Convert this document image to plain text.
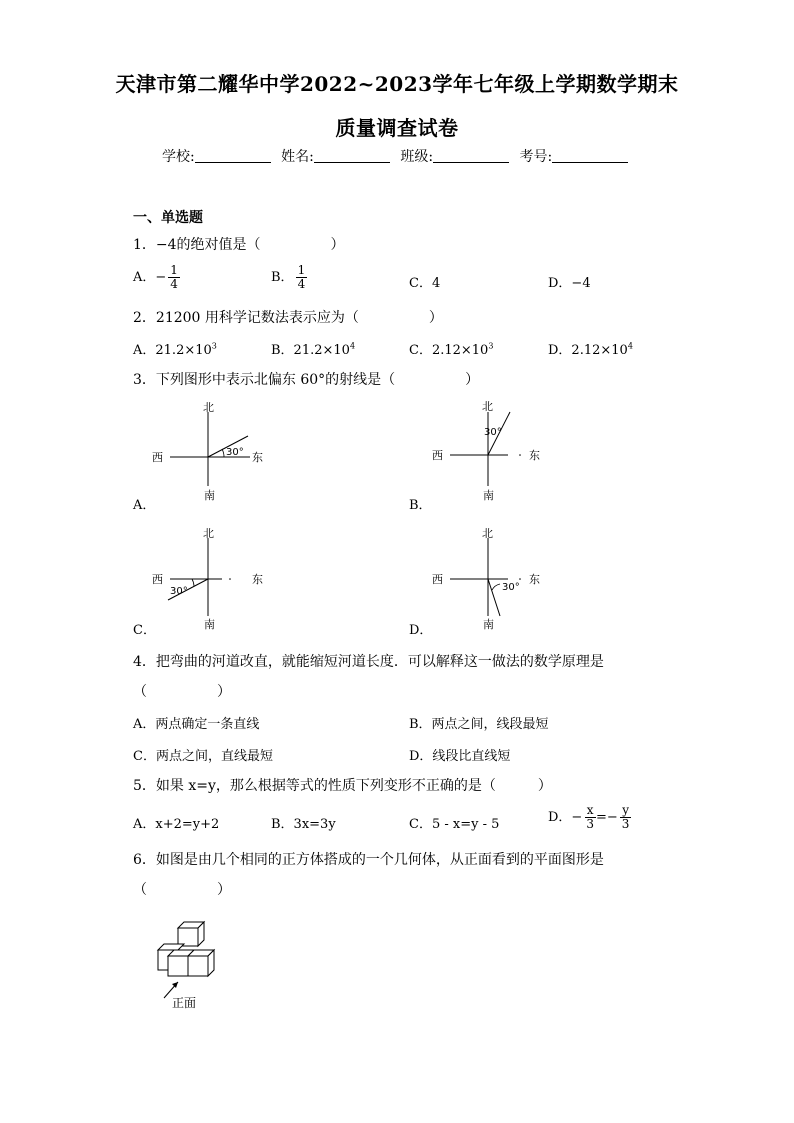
天津市第二耀华中学2022~2023学年七年级上学期数学期末
质量调查试卷
学校:	姓名:	班级:	考号:
一、单选题
1．−4的绝对值是（　　　　　）
A．− $\frac{1}{4}$	B． $\frac{1}{4}$	C．4	D．−4
2．21200 用科学记数法表示应为（　　　　　）
A．$21.2\times 10^3$	B．$21.2\times 10^4$	C．$2.12\times 10^3$	D．$2.12\times 10^4$
3．下列图形中表示北偏东 60°的射线是（　　　　　）
北
南
西	东
30°
A．
北
南
西	东
30°
B．
北
南
西	东
30°
C．
北
南
西	东
30°
D．
4．把弯曲的河道改直，就能缩短河道长度．可以解释这一做法的数学原理是
（　　　　　）
A．两点确定一条直线	B．两点之间，线段最短
C．两点之间，直线最短	D．线段比直线短
5．如果 x=y，那么根据等式的性质下列变形不正确的是（　　　）
A．x+2=y+2	B．3x=3y	C．5 - x=y - 5	D．− $\frac{x}{3} =- \frac{y}{3}$
6．如图是由几个相同的正方体搭成的一个几何体，从正面看到的平面图形是
（　　　　　）
正面
